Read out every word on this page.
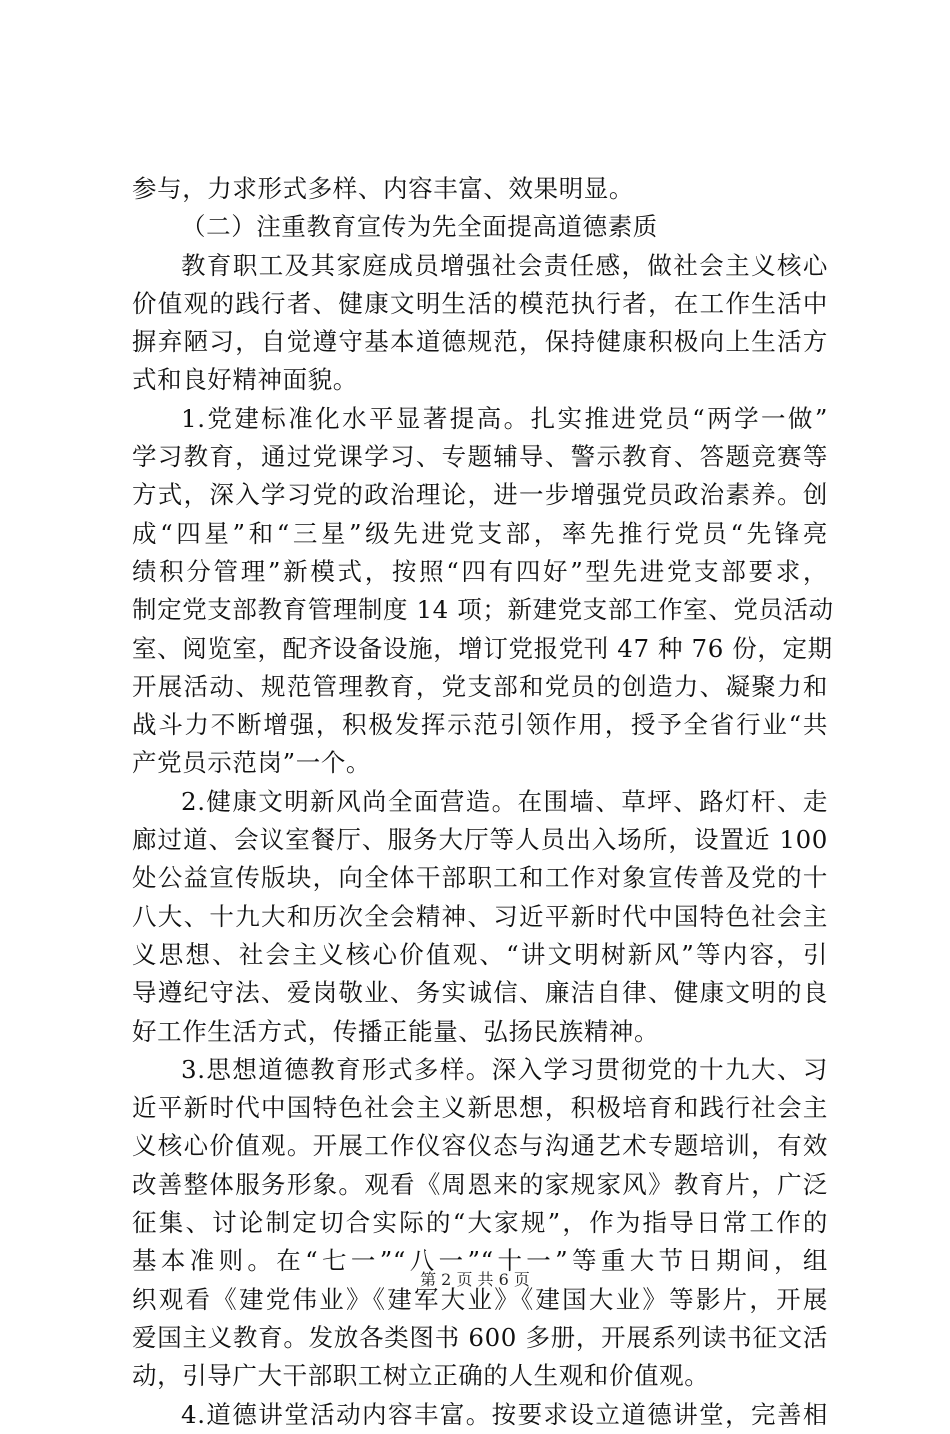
参与，力求形式多样、内容丰富、效果明显。
（二）注重教育宣传为先全面提高道德素质
教育职工及其家庭成员增强社会责任感，做社会主义核心
价值观的践行者、健康文明生活的模范执行者，在工作生活中
摒弃陋习，自觉遵守基本道德规范，保持健康积极向上生活方
式和良好精神面貌。
1.党建标准化水平显著提高。扎实推进党员“两学一做”
学习教育，通过党课学习、专题辅导、警示教育、答题竞赛等
方式，深入学习党的政治理论，进一步增强党员政治素养。创
成“四星”和“三星”级先进党支部，率先推行党员“先锋亮
绩积分管理”新模式，按照“四有四好”型先进党支部要求，
制定党支部教育管理制度 14 项；新建党支部工作室、党员活动
室、阅览室，配齐设备设施，增订党报党刊 47 种 76 份，定期
开展活动、规范管理教育，党支部和党员的创造力、凝聚力和
战斗力不断增强，积极发挥示范引领作用，授予全省行业“共
产党员示范岗”一个。
2.健康文明新风尚全面营造。在围墙、草坪、路灯杆、走
廊过道、会议室餐厅、服务大厅等人员出入场所，设置近 100
处公益宣传版块，向全体干部职工和工作对象宣传普及党的十
八大、十九大和历次全会精神、习近平新时代中国特色社会主
义思想、社会主义核心价值观、“讲文明树新风”等内容，引
导遵纪守法、爱岗敬业、务实诚信、廉洁自律、健康文明的良
好工作生活方式，传播正能量、弘扬民族精神。
3.思想道德教育形式多样。深入学习贯彻党的十九大、习
近平新时代中国特色社会主义新思想，积极培育和践行社会主
义核心价值观。开展工作仪容仪态与沟通艺术专题培训，有效
改善整体服务形象。观看《周恩来的家规家风》教育片，广泛
征集、讨论制定切合实际的“大家规”，作为指导日常工作的
基本准则。在“七一”“八一”“十一”等重大节日期间，组
织观看《建党伟业》《建军大业》《建国大业》等影片，开展
爱国主义教育。发放各类图书 600 多册，开展系列读书征文活
动，引导广大干部职工树立正确的人生观和价值观。
4.道德讲堂活动内容丰富。按要求设立道德讲堂，完善相
第 2 页 共 6 页
